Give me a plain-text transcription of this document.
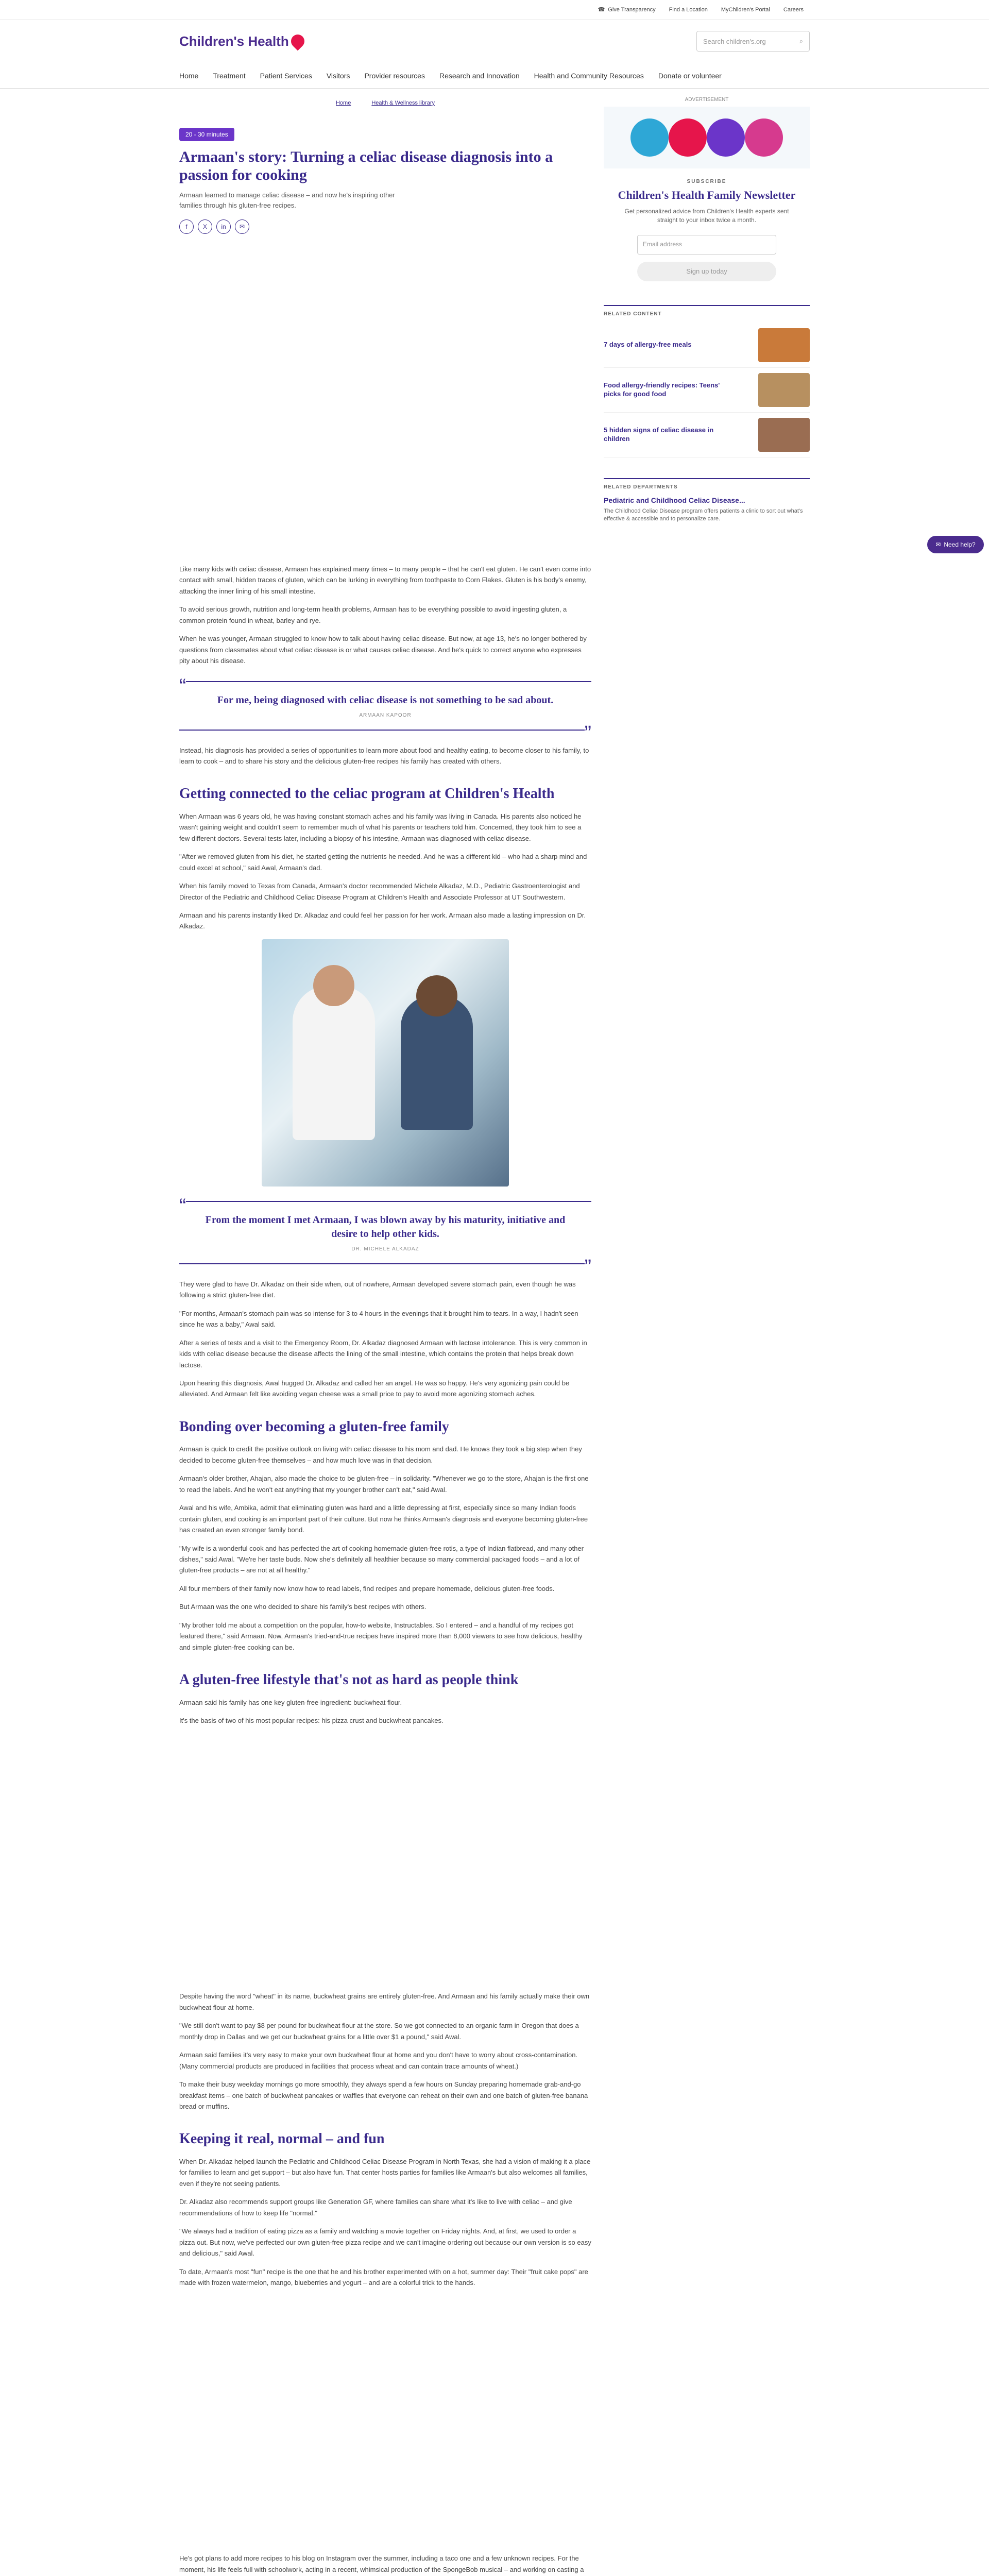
☎ Give Transparency Find a Location MyChildren's Portal Careers
Children's Health	Search children's.org	⌕
Home Treatment Patient Services Visitors Provider resources Research and Innovation Health and Community Resources Donate or volunteer
Home	Health & Wellness library
20 - 30 minutes
Armaan's story: Turning a celiac disease diagnosis into a passion for cooking
Armaan learned to manage celiac disease – and now he's inspiring other families through his gluten-free recipes.
f	X	in	✉

Like many kids with celiac disease, Armaan has explained many times – to many people – that he can't eat gluten. He can't even come into contact with small, hidden traces of gluten, which can be lurking in everything from toothpaste to Corn Flakes. Gluten is his body's enemy, attacking the inner lining of his small intestine.

To avoid serious growth, nutrition and long-term health problems, Armaan has to be everything possible to avoid ingesting gluten, a common protein found in wheat, barley and rye.

When he was younger, Armaan struggled to know how to talk about having celiac disease. But now, at age 13, he's no longer bothered by questions from classmates about what celiac disease is or what causes celiac disease. And he's quick to correct anyone who expresses pity about his disease.

“
For me, being diagnosed with celiac disease is not something to be sad about.
ARMAAN KAPOOR
”

Instead, his diagnosis has provided a series of opportunities to learn more about food and healthy eating, to become closer to his family, to learn to cook – and to share his story and the delicious gluten-free recipes his family has created with others.

Getting connected to the celiac program at Children's Health

When Armaan was 6 years old, he was having constant stomach aches and his family was living in Canada. His parents also noticed he wasn't gaining weight and couldn't seem to remember much of what his parents or teachers told him. Concerned, they took him to see a few different doctors. Several tests later, including a biopsy of his intestine, Armaan was diagnosed with celiac disease.

"After we removed gluten from his diet, he started getting the nutrients he needed. And he was a different kid – who had a sharp mind and could excel at school," said Awal, Armaan's dad.

When his family moved to Texas from Canada, Armaan's doctor recommended Michele Alkadaz, M.D., Pediatric Gastroenterologist and Director of the Pediatric and Childhood Celiac Disease Program at Children's Health and Associate Professor at UT Southwestern.

Armaan and his parents instantly liked Dr. Alkadaz and could feel her passion for her work. Armaan also made a lasting impression on Dr. Alkadaz.

“
From the moment I met Armaan, I was blown away by his maturity, initiative and desire to help other kids.
DR. MICHELE ALKADAZ
”

They were glad to have Dr. Alkadaz on their side when, out of nowhere, Armaan developed severe stomach pain, even though he was following a strict gluten-free diet.

"For months, Armaan's stomach pain was so intense for 3 to 4 hours in the evenings that it brought him to tears. In a way, I hadn't seen since he was a baby," Awal said.

After a series of tests and a visit to the Emergency Room, Dr. Alkadaz diagnosed Armaan with lactose intolerance. This is very common in kids with celiac disease because the disease affects the lining of the small intestine, which contains the protein that helps break down lactose.

Upon hearing this diagnosis, Awal hugged Dr. Alkadaz and called her an angel. He was so happy. He's very agonizing pain could be alleviated. And Armaan felt like avoiding vegan cheese was a small price to pay to avoid more agonizing stomach aches.

Bonding over becoming a gluten-free family

Armaan is quick to credit the positive outlook on living with celiac disease to his mom and dad. He knows they took a big step when they decided to become gluten-free themselves – and how much love was in that decision.

Armaan's older brother, Ahajan, also made the choice to be gluten-free – in solidarity. "Whenever we go to the store, Ahajan is the first one to read the labels. And he won't eat anything that my younger brother can't eat," said Awal.

Awal and his wife, Ambika, admit that eliminating gluten was hard and a little depressing at first, especially since so many Indian foods contain gluten, and cooking is an important part of their culture. But now he thinks Armaan's diagnosis and everyone becoming gluten-free has created an even stronger family bond.

"My wife is a wonderful cook and has perfected the art of cooking homemade gluten-free rotis, a type of Indian flatbread, and many other dishes," said Awal. "We're her taste buds. Now she's definitely all healthier because so many commercial packaged foods – and a lot of gluten-free products – are not at all healthy."

All four members of their family now know how to read labels, find recipes and prepare homemade, delicious gluten-free foods.

But Armaan was the one who decided to share his family's best recipes with others.

"My brother told me about a competition on the popular, how-to website, Instructables. So I entered – and a handful of my recipes got featured there," said Armaan. Now, Armaan's tried-and-true recipes have inspired more than 8,000 viewers to see how delicious, healthy and simple gluten-free cooking can be.

A gluten-free lifestyle that's not as hard as people think

Armaan said his family has one key gluten-free ingredient: buckwheat flour.

It's the basis of two of his most popular recipes: his pizza crust and buckwheat pancakes.

Despite having the word "wheat" in its name, buckwheat grains are entirely gluten-free. And Armaan and his family actually make their own buckwheat flour at home.

"We still don't want to pay $8 per pound for buckwheat flour at the store. So we got connected to an organic farm in Oregon that does a monthly drop in Dallas and we get our buckwheat grains for a little over $1 a pound," said Awal.

Armaan said families it's very easy to make your own buckwheat flour at home and you don't have to worry about cross-contamination. (Many commercial products are produced in facilities that process wheat and can contain trace amounts of wheat.)

To make their busy weekday mornings go more smoothly, they always spend a few hours on Sunday preparing homemade grab-and-go breakfast items – one batch of buckwheat pancakes or waffles that everyone can reheat on their own and one batch of gluten-free banana bread or muffins.

Keeping it real, normal – and fun

When Dr. Alkadaz helped launch the Pediatric and Childhood Celiac Disease Program in North Texas, she had a vision of making it a place for families to learn and get support – but also have fun. That center hosts parties for families like Armaan's but also welcomes all families, even if they're not seeing patients.

Dr. Alkadaz also recommends support groups like Generation GF, where families can share what it's like to live with celiac – and give recommendations of how to keep life "normal."

"We always had a tradition of eating pizza as a family and watching a movie together on Friday nights. And, at first, we used to order a pizza out. But now, we've perfected our own gluten-free pizza recipe and we can't imagine ordering out because our own version is so easy and delicious," said Awal.

To date, Armaan's most "fun" recipe is the one that he and his brother experimented with on a hot, summer day: Their "fruit cake pops" are made with frozen watermelon, mango, blueberries and yogurt – and are a colorful trick to the hands.

He's got plans to add more recipes to his blog on Instagram over the summer, including a taco one and a few unknown recipes. For the moment, his life feels full with schoolwork, acting in a recent, whimsical production of the SpongeBob musical – and working on casting a

ADVERTISEMENT
SUBSCRIBE
Children's Health Family Newsletter
Get personalized advice from Children's Health experts sent straight to your inbox twice a month.
Email address
Sign up today
RELATED CONTENT
7 days of allergy-free meals
Food allergy-friendly recipes: Teens' picks for good food
5 hidden signs of celiac disease in children
RELATED DEPARTMENTS
Pediatric and Childhood Celiac Disease...
The Childhood Celiac Disease program offers patients a clinic to sort out what's effective & accessible and to personalize care.
✉ Need help?
